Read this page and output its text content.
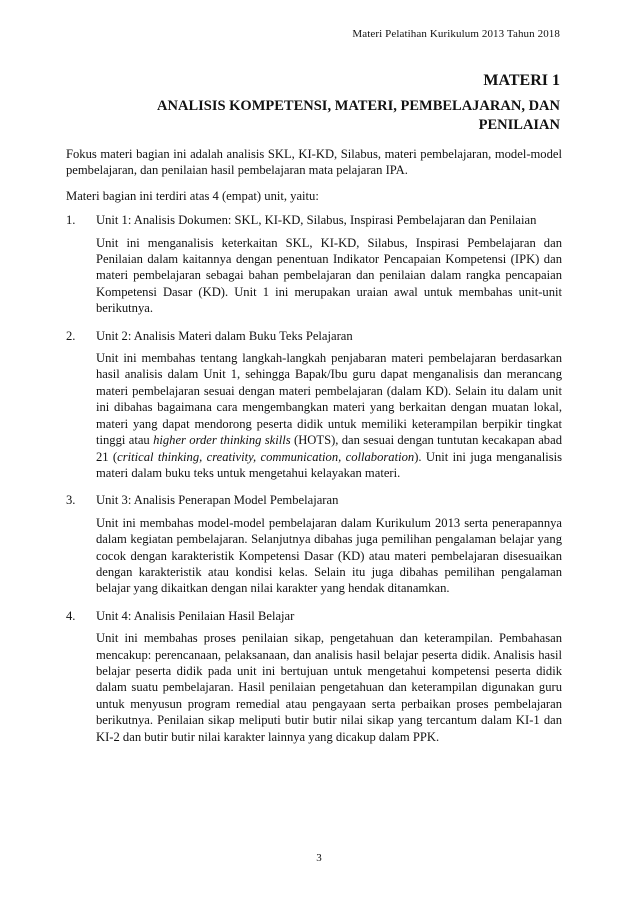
Materi Pelatihan Kurikulum 2013 Tahun 2018
MATERI 1
ANALISIS KOMPETENSI, MATERI, PEMBELAJARAN, DAN PENILAIAN

Fokus materi bagian ini adalah analisis SKL, KI-KD, Silabus, materi pembelajaran, model-model pembelajaran, dan penilaian hasil pembelajaran mata pelajaran IPA.

Materi bagian ini terdiri atas 4 (empat) unit, yaitu:

1. Unit 1: Analisis Dokumen: SKL, KI-KD, Silabus, Inspirasi Pembelajaran dan Penilaian

Unit ini menganalisis keterkaitan SKL, KI-KD, Silabus, Inspirasi Pembelajaran dan Penilaian dalam kaitannya dengan penentuan Indikator Pencapaian Kompetensi (IPK) dan materi pembelajaran sebagai bahan pembelajaran dan penilaian dalam rangka pencapaian Kompetensi Dasar (KD). Unit 1 ini merupakan uraian awal untuk membahas unit-unit berikutnya.

2. Unit 2: Analisis Materi dalam Buku Teks Pelajaran

Unit ini membahas tentang langkah-langkah penjabaran materi pembelajaran berdasarkan hasil analisis dalam Unit 1, sehingga Bapak/Ibu guru dapat menganalisis dan merancang materi pembelajaran sesuai dengan materi pembelajaran (dalam KD). Selain itu dalam unit ini dibahas bagaimana cara mengembangkan materi yang berkaitan dengan muatan lokal, materi yang dapat mendorong peserta didik untuk memiliki keterampilan berpikir tingkat tinggi atau higher order thinking skills (HOTS), dan sesuai dengan tuntutan kecakapan abad 21 (critical thinking, creativity, communication, collaboration). Unit ini juga menganalisis materi dalam buku teks untuk mengetahui kelayakan materi.

3. Unit 3: Analisis Penerapan Model Pembelajaran

Unit ini membahas model-model pembelajaran dalam Kurikulum 2013 serta penerapannya dalam kegiatan pembelajaran. Selanjutnya dibahas juga pemilihan pengalaman belajar yang cocok dengan karakteristik Kompetensi Dasar (KD) atau materi pembelajaran disesuaikan dengan karakteristik atau kondisi kelas. Selain itu juga dibahas pemilihan pengalaman belajar yang dikaitkan dengan nilai karakter yang hendak ditanamkan.

4. Unit 4: Analisis Penilaian Hasil Belajar

Unit ini membahas proses penilaian sikap, pengetahuan dan keterampilan. Pembahasan mencakup: perencanaan, pelaksanaan, dan analisis hasil belajar peserta didik. Analisis hasil belajar peserta didik pada unit ini bertujuan untuk mengetahui kompetensi peserta didik dalam suatu pembelajaran. Hasil penilaian pengetahuan dan keterampilan digunakan guru untuk menyusun program remedial atau pengayaan serta perbaikan proses pembelajaran berikutnya. Penilaian sikap meliputi butir butir nilai sikap yang tercantum dalam KI-1 dan KI-2 dan butir butir nilai karakter lainnya yang dicakup dalam PPK.

3
